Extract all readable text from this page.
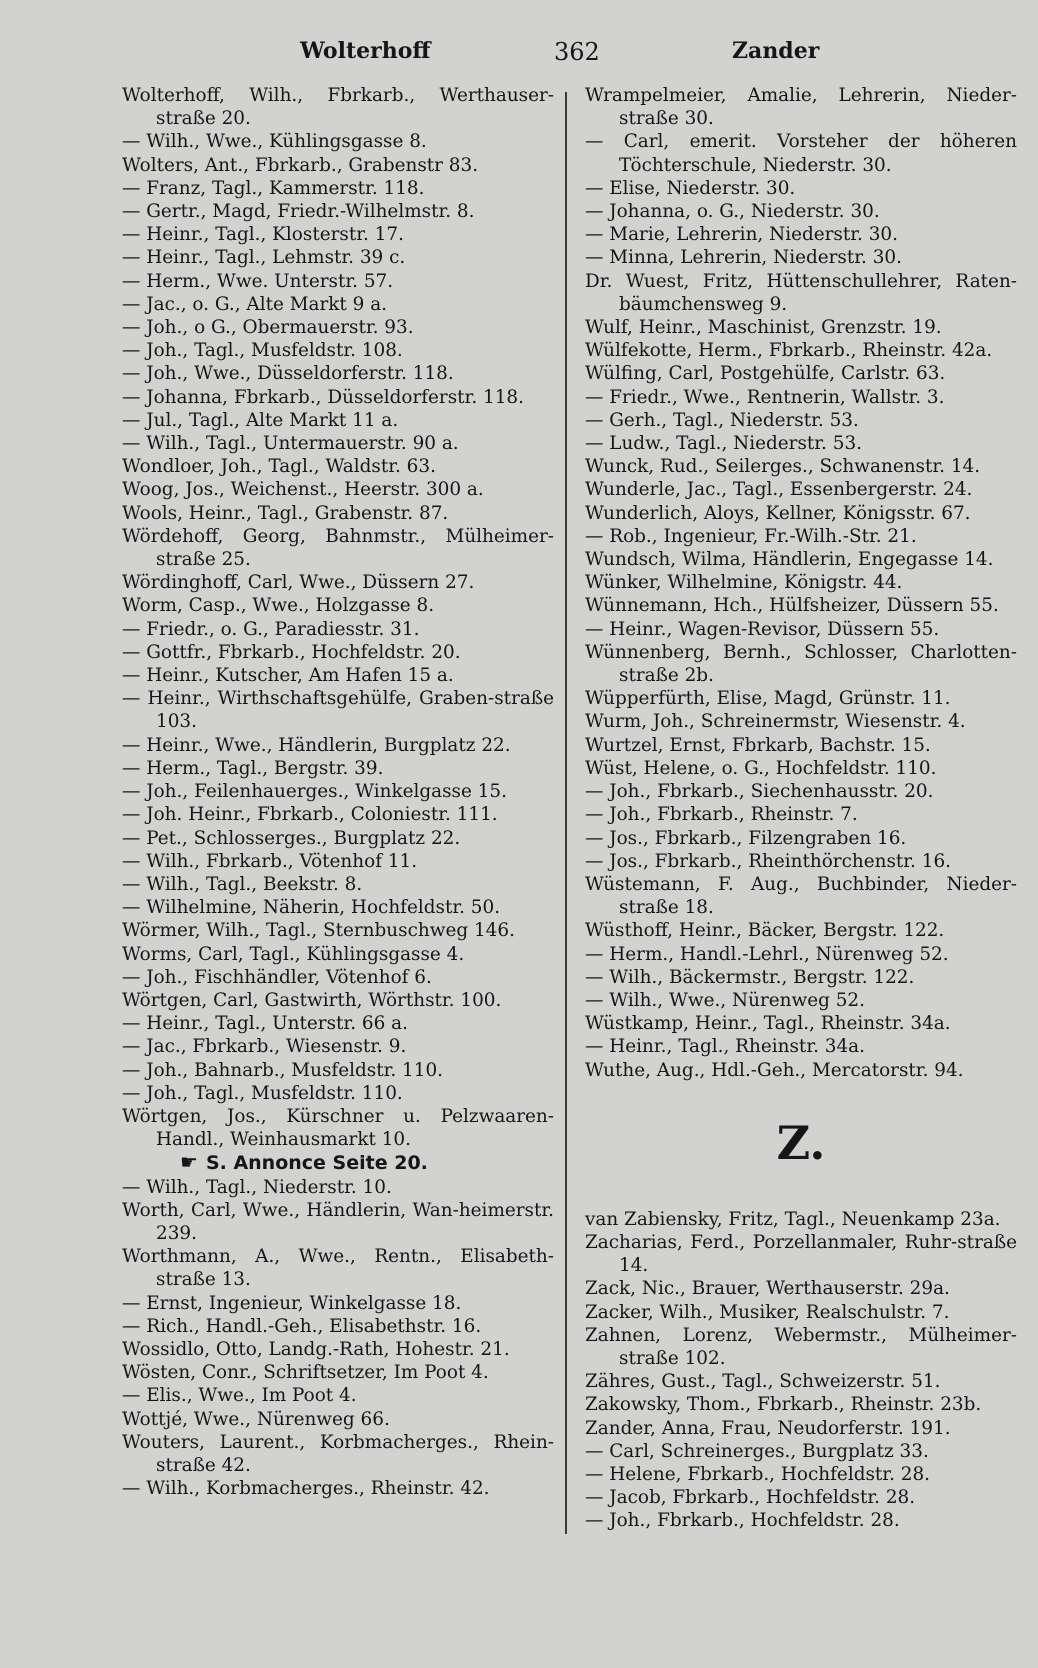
Wolterhoff	362	Zander
Wolterhoff, Wilh., Fbrkarb., Werthauser-straße 20.
— Wilh., Wwe., Kühlingsgasse 8.
Wolters, Ant., Fbrkarb., Grabenstr 83.
— Franz, Tagl., Kammerstr. 118.
— Gertr., Magd, Friedr.-Wilhelmstr. 8.
— Heinr., Tagl., Klosterstr. 17.
— Heinr., Tagl., Lehmstr. 39 c.
— Herm., Wwe. Unterstr. 57.
— Jac., o. G., Alte Markt 9 a.
— Joh., o G., Obermauerstr. 93.
— Joh., Tagl., Musfeldstr. 108.
— Joh., Wwe., Düsseldorferstr. 118.
— Johanna, Fbrkarb., Düsseldorferstr. 118.
— Jul., Tagl., Alte Markt 11 a.
— Wilh., Tagl., Untermauerstr. 90 a.
Wondloer, Joh., Tagl., Waldstr. 63.
Woog, Jos., Weichenst., Heerstr. 300 a.
Wools, Heinr., Tagl., Grabenstr. 87.
Wördehoff, Georg, Bahnmstr., Mülheimer-straße 25.
Wördinghoff, Carl, Wwe., Düssern 27.
Worm, Casp., Wwe., Holzgasse 8.
— Friedr., o. G., Paradiesstr. 31.
— Gottfr., Fbrkarb., Hochfeldstr. 20.
— Heinr., Kutscher, Am Hafen 15 a.
— Heinr., Wirthschaftsgehülfe, Graben-straße 103.
— Heinr., Wwe., Händlerin, Burgplatz 22.
— Herm., Tagl., Bergstr. 39.
— Joh., Feilenhauerges., Winkelgasse 15.
— Joh. Heinr., Fbrkarb., Coloniestr. 111.
— Pet., Schlosserges., Burgplatz 22.
— Wilh., Fbrkarb., Vötenhof 11.
— Wilh., Tagl., Beekstr. 8.
— Wilhelmine, Näherin, Hochfeldstr. 50.
Wörmer, Wilh., Tagl., Sternbuschweg 146.
Worms, Carl, Tagl., Kühlingsgasse 4.
— Joh., Fischhändler, Vötenhof 6.
Wörtgen, Carl, Gastwirth, Wörthstr. 100.
— Heinr., Tagl., Unterstr. 66 a.
— Jac., Fbrkarb., Wiesenstr. 9.
— Joh., Bahnarb., Musfeldstr. 110.
— Joh., Tagl., Musfeldstr. 110.
Wörtgen, Jos., Kürschner u. Pelzwaaren-Handl., Weinhausmarkt 10.
☛ S. Annonce Seite 20.
— Wilh., Tagl., Niederstr. 10.
Worth, Carl, Wwe., Händlerin, Wan-heimerstr. 239.
Worthmann, A., Wwe., Rentn., Elisabeth-straße 13.
— Ernst, Ingenieur, Winkelgasse 18.
— Rich., Handl.-Geh., Elisabethstr. 16.
Wossidlo, Otto, Landg.-Rath, Hohestr. 21.
Wösten, Conr., Schriftsetzer, Im Poot 4.
— Elis., Wwe., Im Poot 4.
Wottjé, Wwe., Nürenweg 66.
Wouters, Laurent., Korbmacherges., Rhein-straße 42.
— Wilh., Korbmacherges., Rheinstr. 42.
Wrampelmeier, Amalie, Lehrerin, Nieder-straße 30.
— Carl, emerit. Vorsteher der höheren Töchterschule, Niederstr. 30.
— Elise, Niederstr. 30.
— Johanna, o. G., Niederstr. 30.
— Marie, Lehrerin, Niederstr. 30.
— Minna, Lehrerin, Niederstr. 30.
Dr. Wuest, Fritz, Hüttenschullehrer, Raten-bäumchensweg 9.
Wulf, Heinr., Maschinist, Grenzstr. 19.
Wülfekotte, Herm., Fbrkarb., Rheinstr. 42a.
Wülfing, Carl, Postgehülfe, Carlstr. 63.
— Friedr., Wwe., Rentnerin, Wallstr. 3.
— Gerh., Tagl., Niederstr. 53.
— Ludw., Tagl., Niederstr. 53.
Wunck, Rud., Seilerges., Schwanenstr. 14.
Wunderle, Jac., Tagl., Essenbergerstr. 24.
Wunderlich, Aloys, Kellner, Königsstr. 67.
— Rob., Ingenieur, Fr.-Wilh.-Str. 21.
Wundsch, Wilma, Händlerin, Engegasse 14.
Wünker, Wilhelmine, Königstr. 44.
Wünnemann, Hch., Hülfsheizer, Düssern 55.
— Heinr., Wagen-Revisor, Düssern 55.
Wünnenberg, Bernh., Schlosser, Charlotten-straße 2b.
Wüpperfürth, Elise, Magd, Grünstr. 11.
Wurm, Joh., Schreinermstr, Wiesenstr. 4.
Wurtzel, Ernst, Fbrkarb, Bachstr. 15.
Wüst, Helene, o. G., Hochfeldstr. 110.
— Joh., Fbrkarb., Siechenhausstr. 20.
— Joh., Fbrkarb., Rheinstr. 7.
— Jos., Fbrkarb., Filzengraben 16.
— Jos., Fbrkarb., Rheinthörchenstr. 16.
Wüstemann, F. Aug., Buchbinder, Nieder-straße 18.
Wüsthoff, Heinr., Bäcker, Bergstr. 122.
— Herm., Handl.-Lehrl., Nürenweg 52.
— Wilh., Bäckermstr., Bergstr. 122.
— Wilh., Wwe., Nürenweg 52.
Wüstkamp, Heinr., Tagl., Rheinstr. 34a.
— Heinr., Tagl., Rheinstr. 34a.
Wuthe, Aug., Hdl.-Geh., Mercatorstr. 94.
Z.
van Zabiensky, Fritz, Tagl., Neuenkamp 23a.
Zacharias, Ferd., Porzellanmaler, Ruhr-straße 14.
Zack, Nic., Brauer, Werthauserstr. 29a.
Zacker, Wilh., Musiker, Realschulstr. 7.
Zahnen, Lorenz, Webermstr., Mülheimer-straße 102.
Zähres, Gust., Tagl., Schweizerstr. 51.
Zakowsky, Thom., Fbrkarb., Rheinstr. 23b.
Zander, Anna, Frau, Neudorferstr. 191.
— Carl, Schreinerges., Burgplatz 33.
— Helene, Fbrkarb., Hochfeldstr. 28.
— Jacob, Fbrkarb., Hochfeldstr. 28.
— Joh., Fbrkarb., Hochfeldstr. 28.
